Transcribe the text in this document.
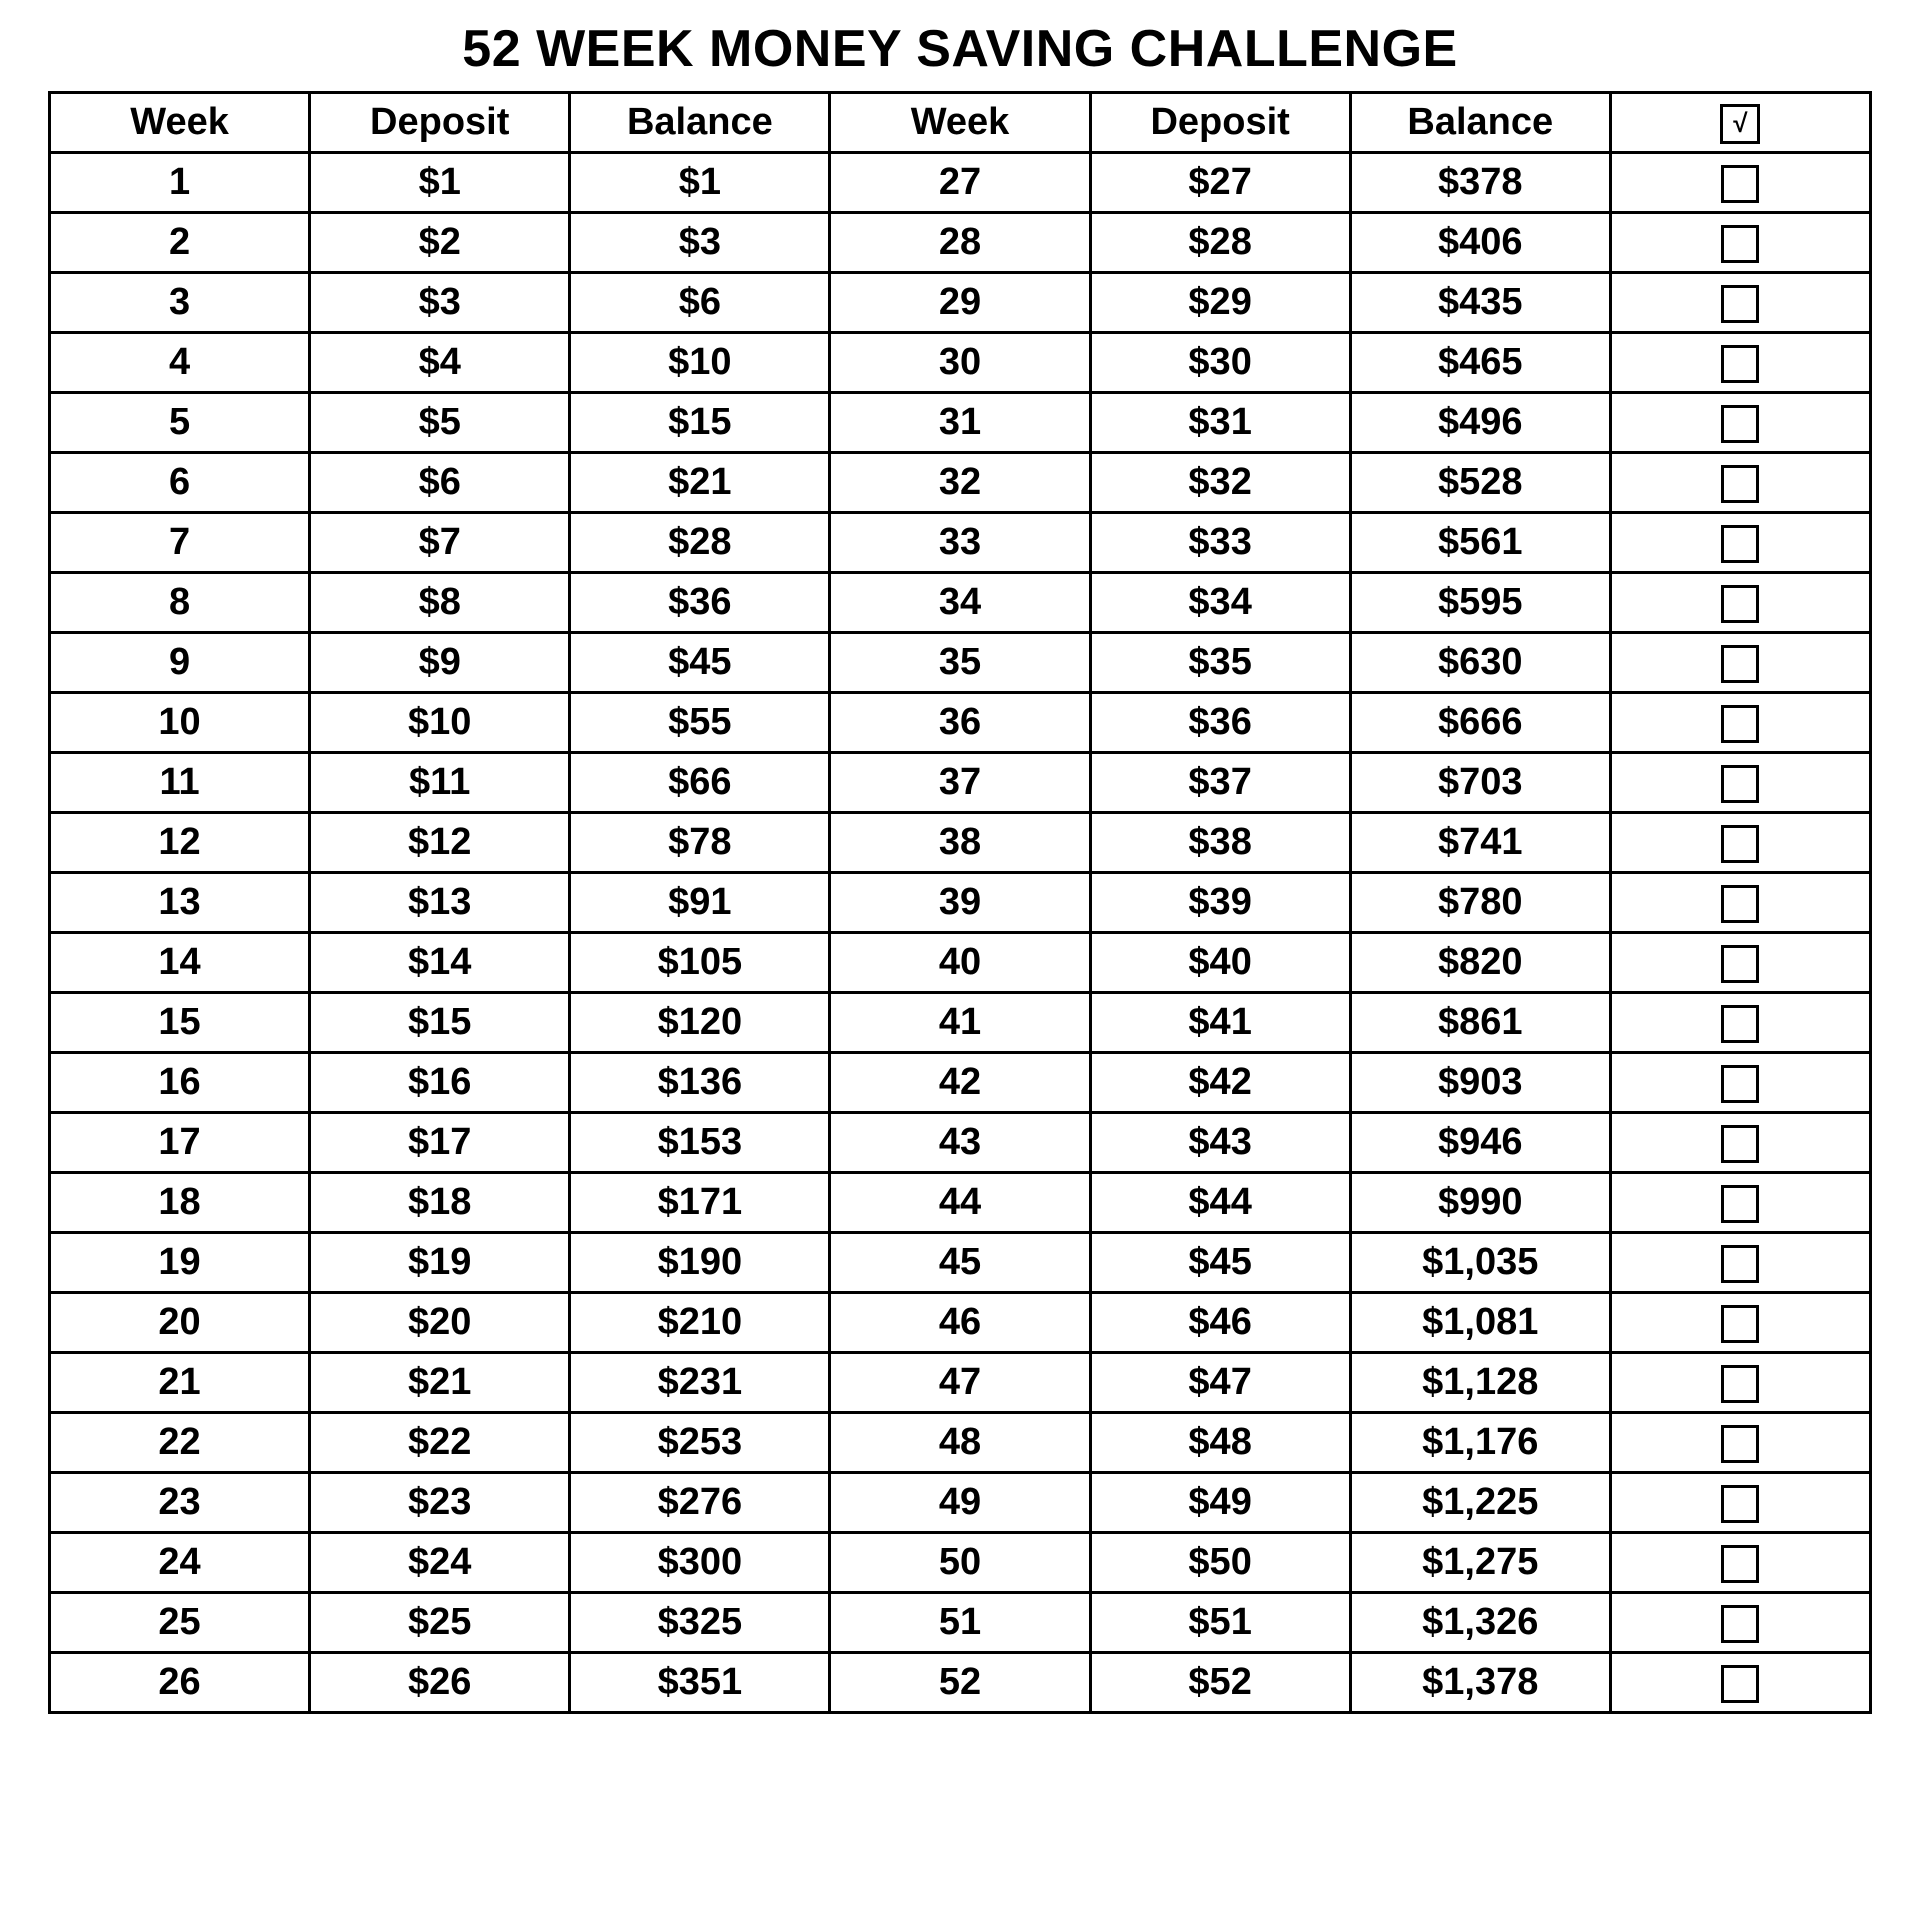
52 WEEK MONEY SAVING CHALLENGE
Week	Deposit	Balance	Week	Deposit	Balance	√
1	$1	$1	27	$27	$378	
2	$2	$3	28	$28	$406	
3	$3	$6	29	$29	$435	
4	$4	$10	30	$30	$465	
5	$5	$15	31	$31	$496	
6	$6	$21	32	$32	$528	
7	$7	$28	33	$33	$561	
8	$8	$36	34	$34	$595	
9	$9	$45	35	$35	$630	
10	$10	$55	36	$36	$666	
11	$11	$66	37	$37	$703	
12	$12	$78	38	$38	$741	
13	$13	$91	39	$39	$780	
14	$14	$105	40	$40	$820	
15	$15	$120	41	$41	$861	
16	$16	$136	42	$42	$903	
17	$17	$153	43	$43	$946	
18	$18	$171	44	$44	$990	
19	$19	$190	45	$45	$1,035	
20	$20	$210	46	$46	$1,081	
21	$21	$231	47	$47	$1,128	
22	$22	$253	48	$48	$1,176	
23	$23	$276	49	$49	$1,225	
24	$24	$300	50	$50	$1,275	
25	$25	$325	51	$51	$1,326	
26	$26	$351	52	$52	$1,378	
